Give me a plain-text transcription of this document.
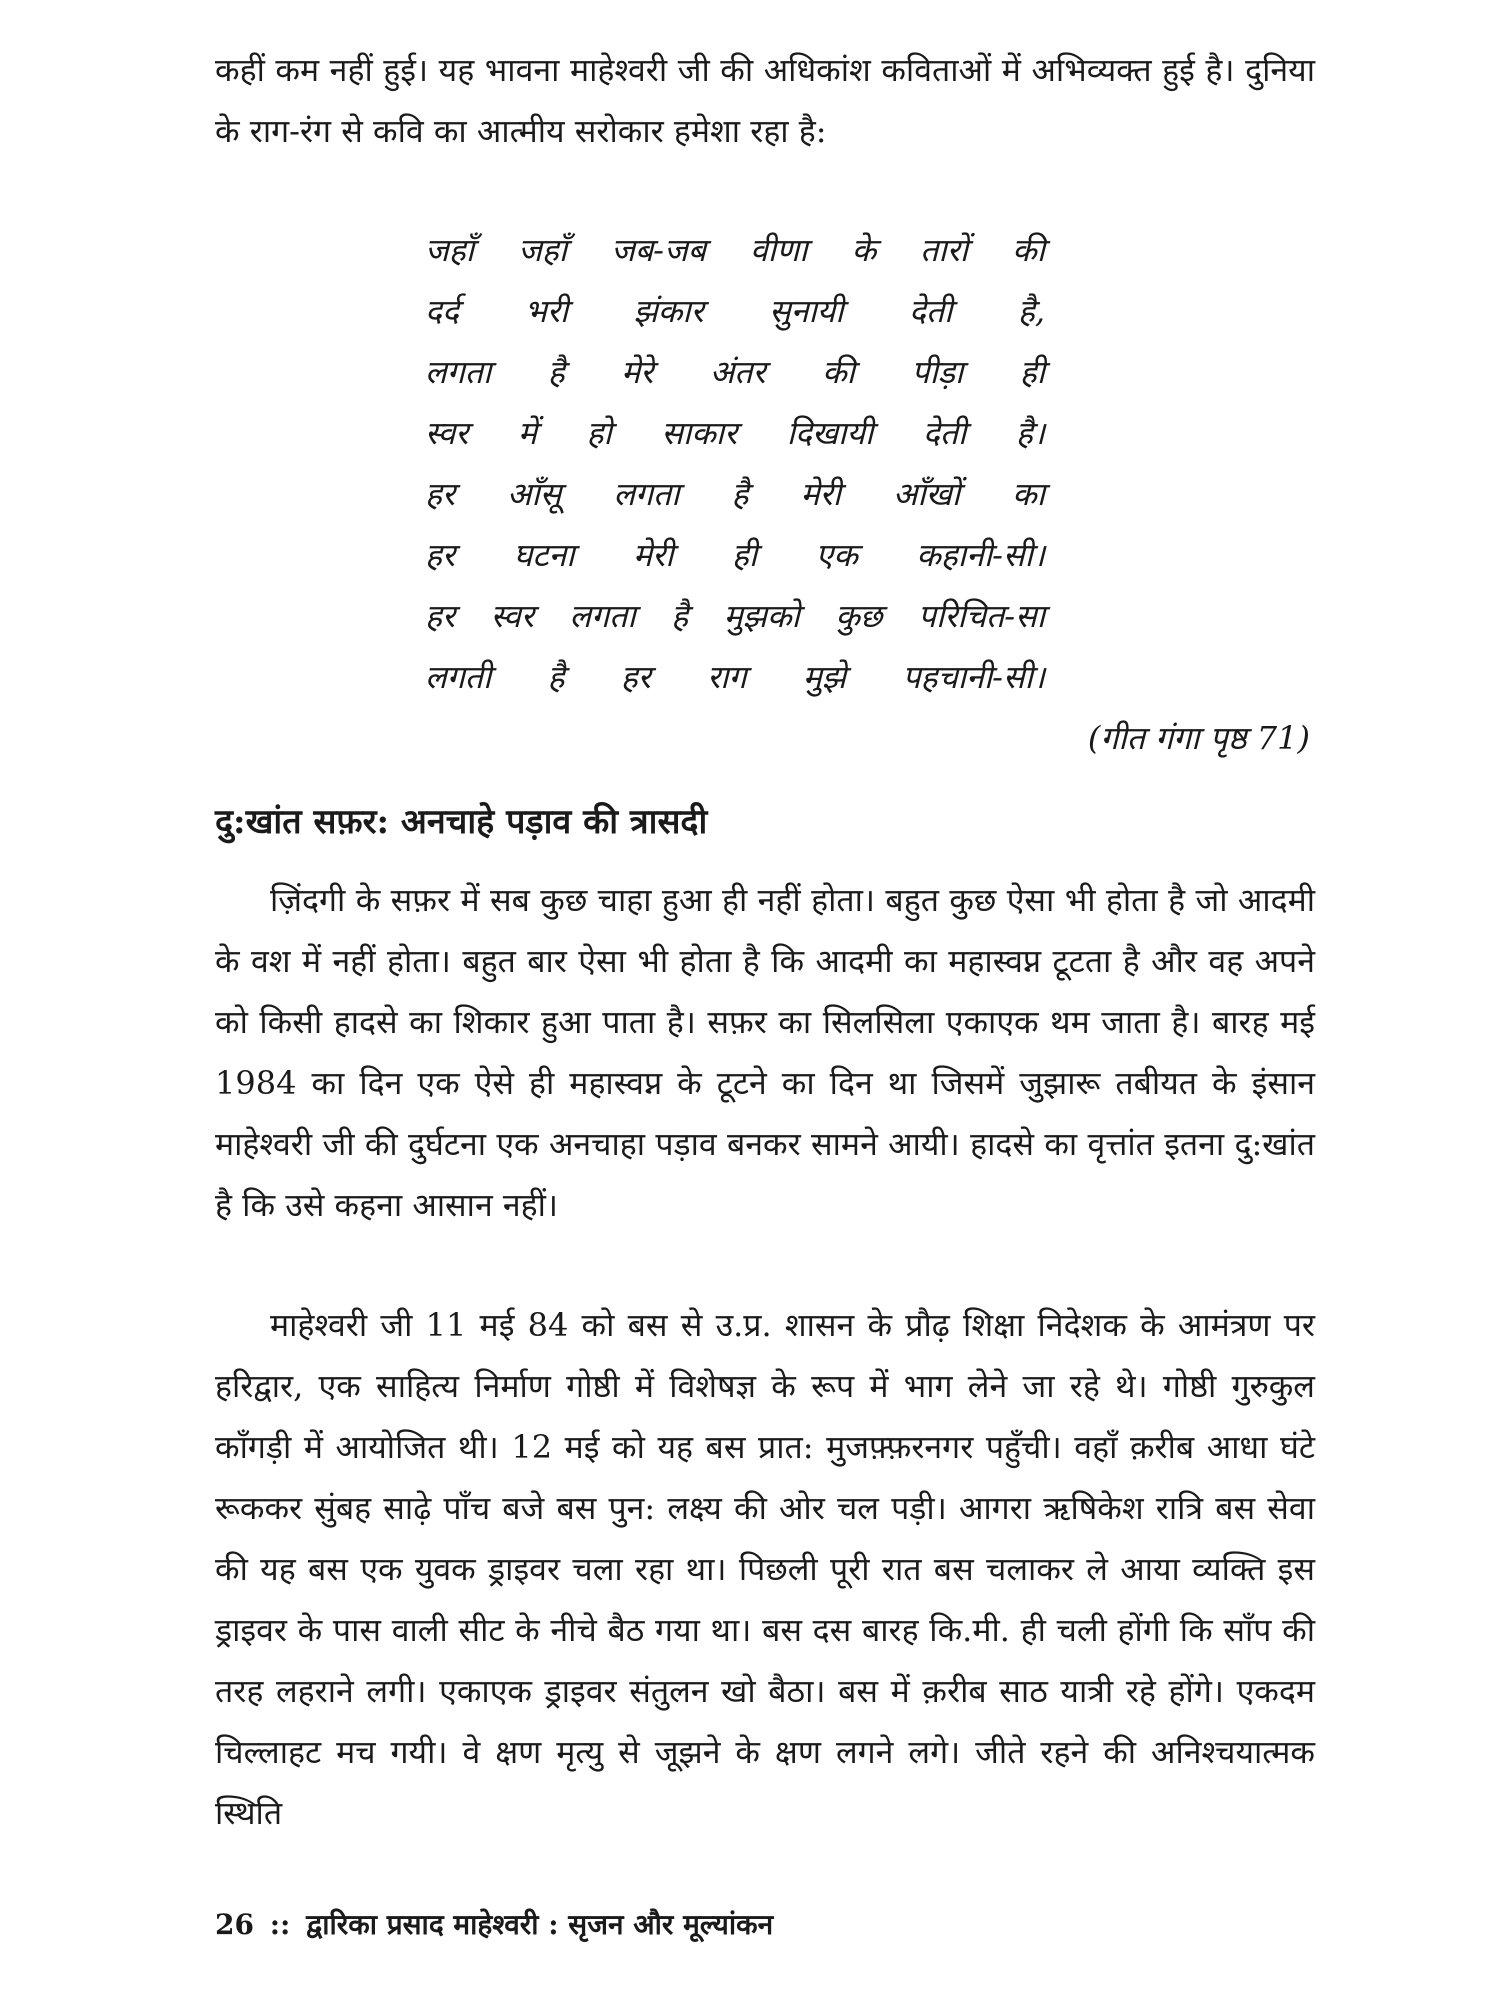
कहीं कम नहीं हुई। यह भावना माहेश्वरी जी की अधिकांश कविताओं में अभिव्यक्त हुई है। दुनिया के राग-रंग से कवि का आत्मीय सरोकार हमेशा रहा है:

जहाँ जहाँ जब-जब वीणा के तारों की
दर्द भरी झंकार सुनायी देती है,
लगता है मेरे अंतर की पीड़ा ही
स्वर में हो साकार दिखायी देती है।
हर आँसू लगता है मेरी आँखों का
हर घटना मेरी ही एक कहानी-सी।
हर स्वर लगता है मुझको कुछ परिचित-सा
लगती है हर राग मुझे पहचानी-सी।

(गीत गंगा पृष्ठ 71)

दु:खांत सफ़र: अनचाहे पड़ाव की त्रासदी

ज़िंदगी के सफ़र में सब कुछ चाहा हुआ ही नहीं होता। बहुत कुछ ऐसा भी होता है जो आदमी के वश में नहीं होता। बहुत बार ऐसा भी होता है कि आदमी का महास्वप्न टूटता है और वह अपने को किसी हादसे का शिकार हुआ पाता है। सफ़र का सिलसिला एकाएक थम जाता है। बारह मई 1984 का दिन एक ऐसे ही महास्वप्न के टूटने का दिन था जिसमें जुझारू तबीयत के इंसान माहेश्वरी जी की दुर्घटना एक अनचाहा पड़ाव बनकर सामने आयी। हादसे का वृत्तांत इतना दु:खांत है कि उसे कहना आसान नहीं।

माहेश्वरी जी 11 मई 84 को बस से उ.प्र. शासन के प्रौढ़ शिक्षा निदेशक के आमंत्रण पर हरिद्वार, एक साहित्य निर्माण गोष्ठी में विशेषज्ञ के रूप में भाग लेने जा रहे थे। गोष्ठी गुरुकुल काँगड़ी में आयोजित थी। 12 मई को यह बस प्रात: मुजफ़्फ़रनगर पहुँची। वहाँ क़रीब आधा घंटे रूककर सुंबह साढ़े पाँच बजे बस पुन: लक्ष्य की ओर चल पड़ी। आगरा ऋषिकेश रात्रि बस सेवा की यह बस एक युवक ड्राइवर चला रहा था। पिछली पूरी रात बस चलाकर ले आया व्यक्ति इस ड्राइवर के पास वाली सीट के नीचे बैठ गया था। बस दस बारह कि.मी. ही चली होंगी कि साँप की तरह लहराने लगी। एकाएक ड्राइवर संतुलन खो बैठा। बस में क़रीब साठ यात्री रहे होंगे। एकदम चिल्लाहट मच गयी। वे क्षण मृत्यु से जूझने के क्षण लगने लगे। जीते रहने की अनिश्चयात्मक स्थिति

26 :: द्वारिका प्रसाद माहेश्वरी : सृजन और मूल्यांकन
